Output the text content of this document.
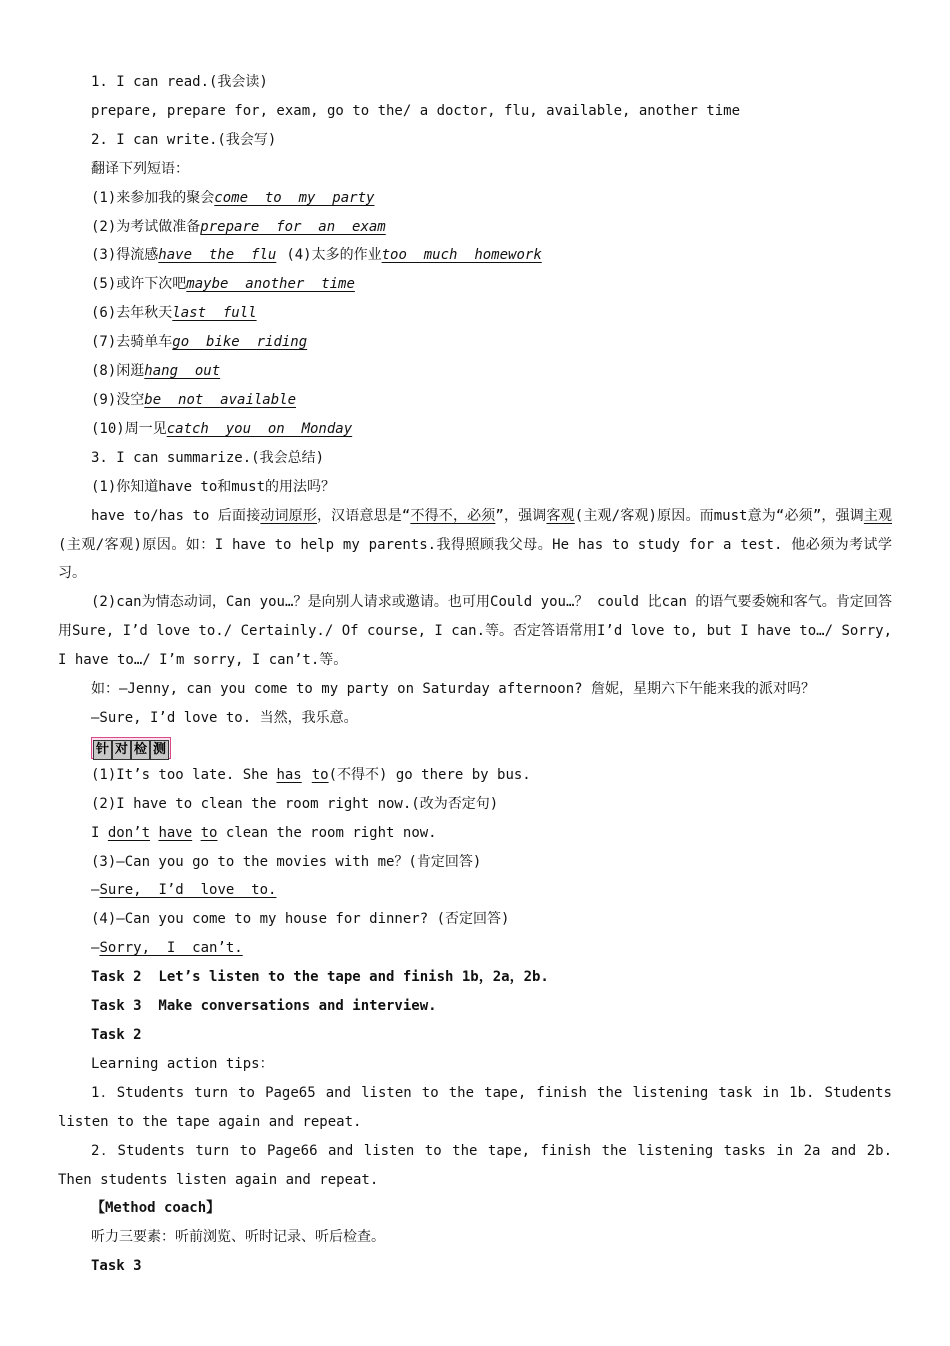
1. I can read.(我会读)
prepare, prepare for, exam, go to the/ a doctor, flu, available, another time
2. I can write.(我会写)
翻译下列短语：
(1)来参加我的聚会come  to  my  party
(2)为考试做准备prepare  for  an  exam
(3)得流感have  the  flu (4)太多的作业too  much  homework
(5)或许下次吧maybe  another  time
(6)去年秋天last  full
(7)去骑单车go  bike  riding
(8)闲逛hang  out
(9)没空be  not  available
(10)周一见catch  you  on  Monday
3. I can summarize.(我会总结)
(1)你知道have to和must的用法吗？
have to/has to 后面接动词原形，汉语意思是“不得不，必须”，强调客观(主观/客观)原因。而must意为“必须”，强调主观(主观/客观)原因。如：I have to help my parents.我得照顾我父母。He has to study for a test. 他必须为考试学习。
(2)can为情态动词，Can you…？是向别人请求或邀请。也可用Could you…？ could 比can 的语气要委婉和客气。肯定回答用Sure, I’d love to./ Certainly./ Of course, I can.等。否定答语常用I’d love to, but I have to…/ Sorry, I have to…/ I’m sorry, I can’t.等。
如：—Jenny, can you come to my party on Saturday afternoon? 詹妮，星期六下午能来我的派对吗？
—Sure, I’d love to. 当然，我乐意。
针 对 检 测
(1)It’s too late. She has to(不得不) go there by bus.
(2)I have to clean the room right now.(改为否定句)
I don’t have to clean the room right now.
(3)—Can you go to the movies with me？(肯定回答)
—Sure,  I’d  love  to.
(4)—Can you come to my house for dinner? (否定回答)
—Sorry,  I  can’t.
Task 2  Let’s listen to the tape and finish 1b，2a，2b.
Task 3  Make conversations and interview.
Task 2
Learning action tips：
1．Students turn to Page65 and listen to the tape, finish the listening task in 1b. Students listen to the tape again and repeat.
2．Students turn to Page66 and listen to the tape, finish the listening tasks in 2a and 2b. Then students listen again and repeat.
【Method coach】
听力三要素：听前浏览、听时记录、听后检查。
Task 3
